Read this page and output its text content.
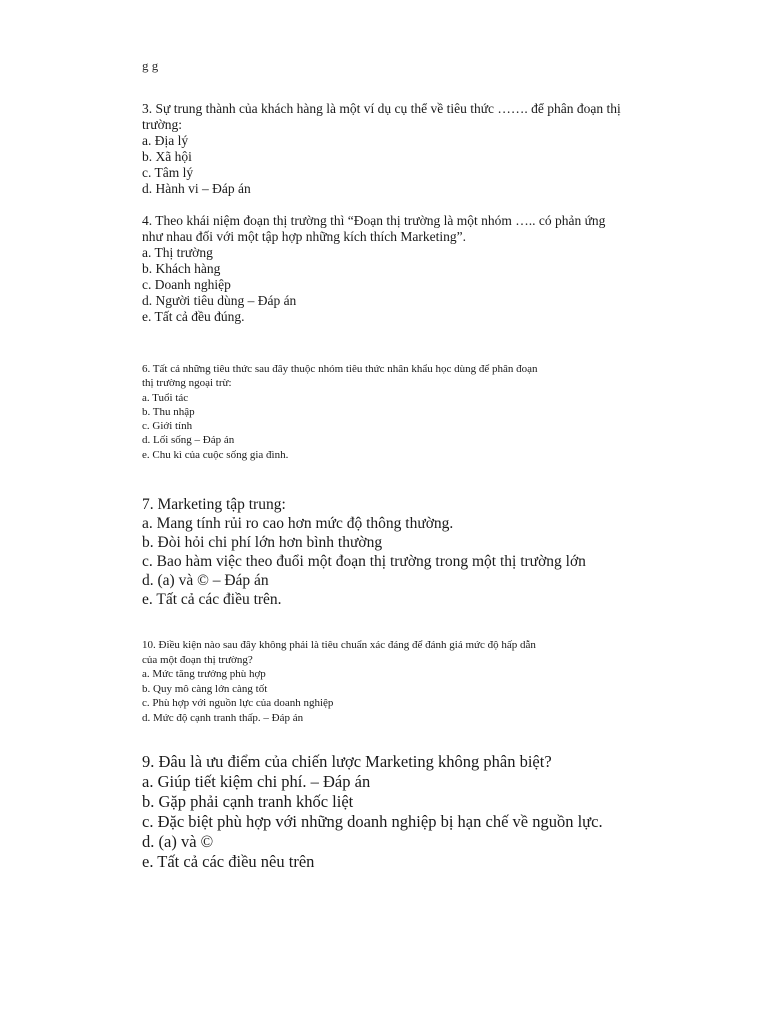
g g
3. Sự trung thành của khách hàng là một ví dụ cụ thể về tiêu thức ……. để phân đoạn thị
trường:
a. Địa lý
b. Xã hội
c. Tâm lý
d. Hành vi – Đáp án
4. Theo khái niệm đoạn thị trường thì “Đoạn thị trường là một nhóm ….. có phản ứng
như nhau đối với một tập hợp những kích thích Marketing”.
a. Thị trường
b. Khách hàng
c. Doanh nghiệp
d. Người tiêu dùng – Đáp án
e. Tất cả đều đúng.
6. Tất cả những tiêu thức sau đây thuộc nhóm tiêu thức nhân khẩu học dùng để phân đoạn
thị trường ngoại trừ:
a. Tuổi tác
b. Thu nhập
c. Giới tính
d. Lối sống – Đáp án
e. Chu kì của cuộc sống gia đình.
7. Marketing tập trung:
a. Mang tính rủi ro cao hơn mức độ thông thường.
b. Đòi hỏi chi phí lớn hơn bình thường
c. Bao hàm việc theo đuổi một đoạn thị trường trong một thị trường lớn
d. (a) và © – Đáp án
e. Tất cả các điều trên.
10. Điều kiện nào sau đây không phải là tiêu chuẩn xác đáng để đánh giá mức độ hấp dẫn
của một đoạn thị trường?
a. Mức tăng trưởng phù hợp
b. Quy mô càng lớn càng tốt
c. Phù hợp với nguồn lực của doanh nghiệp
d. Mức độ cạnh tranh thấp. – Đáp án
9. Đâu là ưu điểm của chiến lược Marketing không phân biệt?
a. Giúp tiết kiệm chi phí. – Đáp án
b. Gặp phải cạnh tranh khốc liệt
c. Đặc biệt phù hợp với những doanh nghiệp bị hạn chế về nguồn lực.
d. (a) và ©
e. Tất cả các điều nêu trên
